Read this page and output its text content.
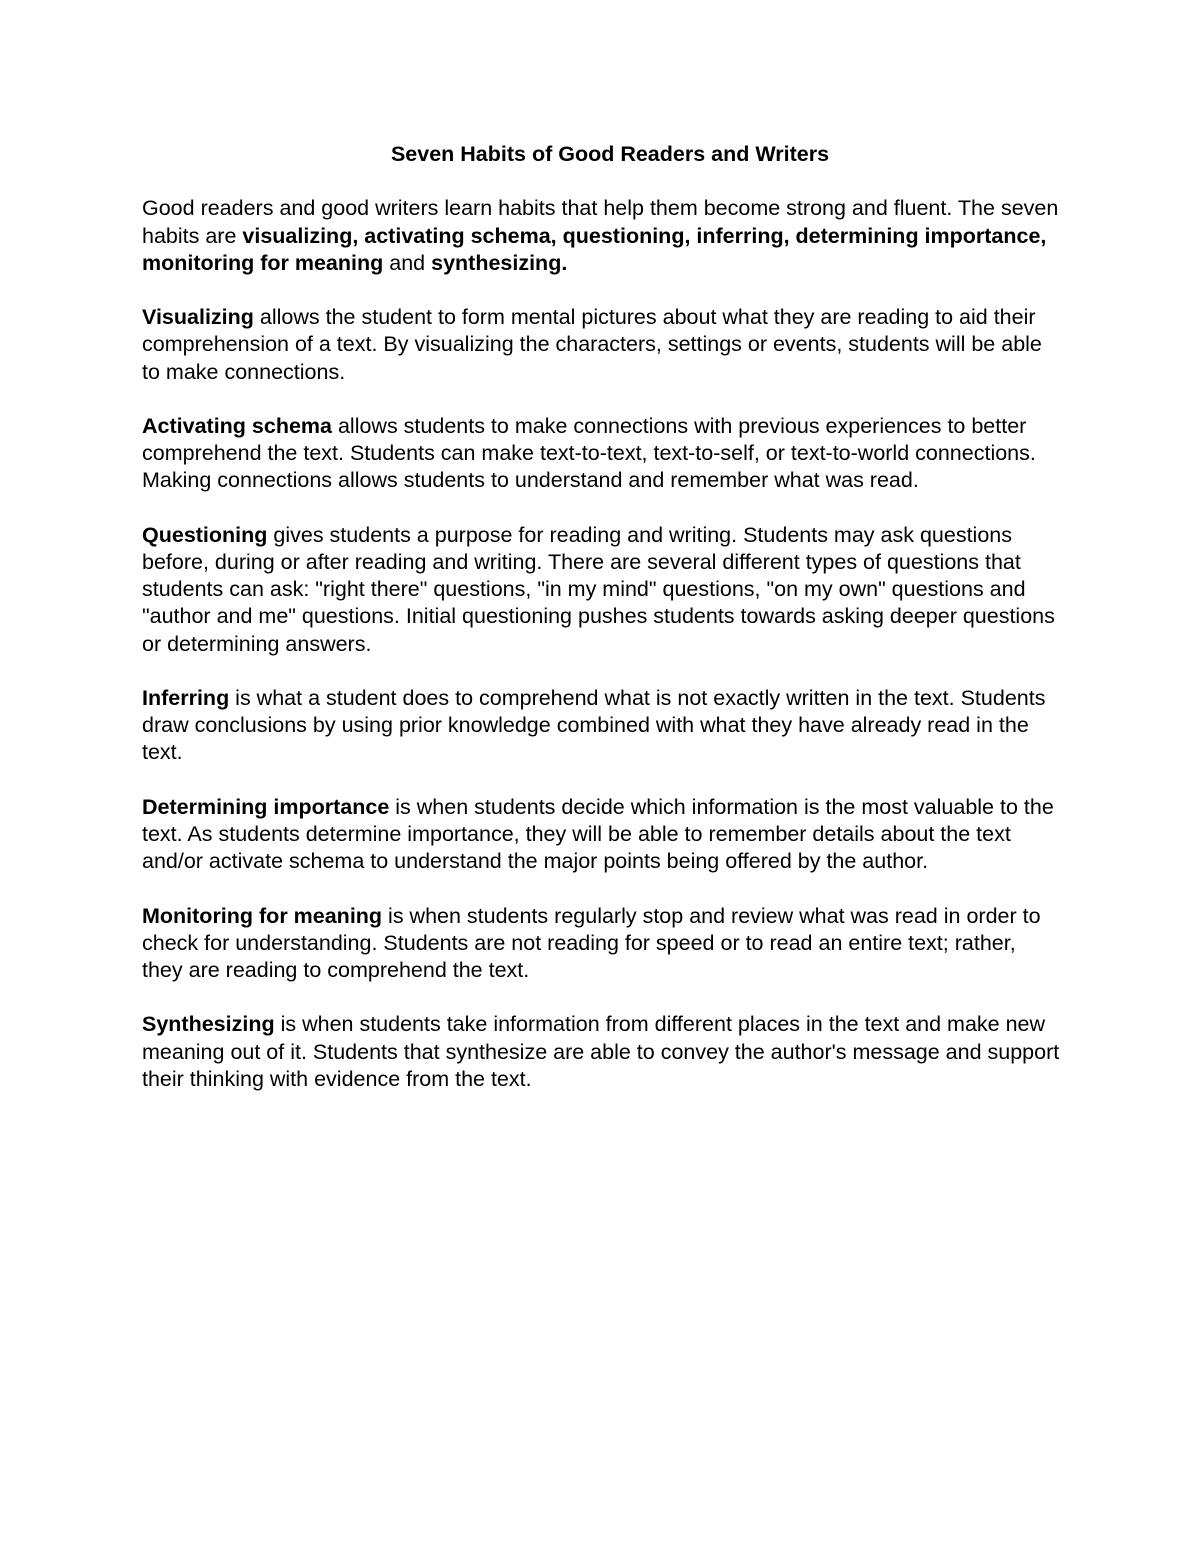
Seven Habits of Good Readers and Writers

Good readers and good writers learn habits that help them become strong and fluent. The seven habits are visualizing, activating schema, questioning, inferring, determining importance, monitoring for meaning and synthesizing.

Visualizing allows the student to form mental pictures about what they are reading to aid their comprehension of a text. By visualizing the characters, settings or events, students will be able to make connections.

Activating schema allows students to make connections with previous experiences to better comprehend the text. Students can make text-to-text, text-to-self, or text-to-world connections. Making connections allows students to understand and remember what was read.

Questioning gives students a purpose for reading and writing. Students may ask questions before, during or after reading and writing. There are several different types of questions that students can ask: "right there" questions, "in my mind" questions, "on my own" questions and "author and me" questions. Initial questioning pushes students towards asking deeper questions or determining answers.

Inferring is what a student does to comprehend what is not exactly written in the text. Students draw conclusions by using prior knowledge combined with what they have already read in the text.

Determining importance is when students decide which information is the most valuable to the text. As students determine importance, they will be able to remember details about the text and/or activate schema to understand the major points being offered by the author.

Monitoring for meaning is when students regularly stop and review what was read in order to check for understanding. Students are not reading for speed or to read an entire text; rather, they are reading to comprehend the text.

Synthesizing is when students take information from different places in the text and make new meaning out of it. Students that synthesize are able to convey the author's message and support their thinking with evidence from the text.
